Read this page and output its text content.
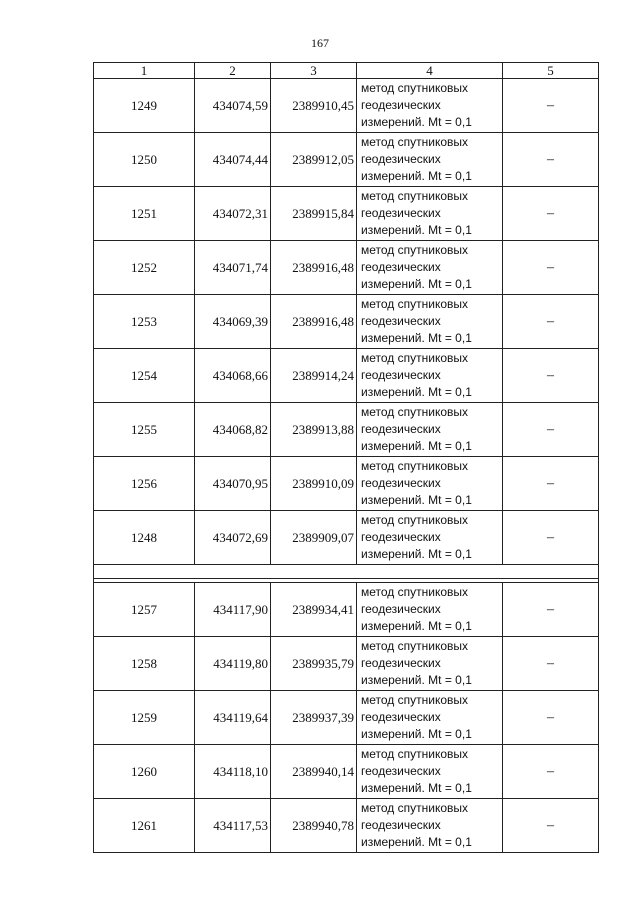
167
1	2	3	4	5
1249	434074,59	2389910,45	метод спутниковых
геодезических
измерений. Mt = 0,1	–
1250	434074,44	2389912,05	метод спутниковых
геодезических
измерений. Mt = 0,1	–
1251	434072,31	2389915,84	метод спутниковых
геодезических
измерений. Mt = 0,1	–
1252	434071,74	2389916,48	метод спутниковых
геодезических
измерений. Mt = 0,1	–
1253	434069,39	2389916,48	метод спутниковых
геодезических
измерений. Mt = 0,1	–
1254	434068,66	2389914,24	метод спутниковых
геодезических
измерений. Mt = 0,1	–
1255	434068,82	2389913,88	метод спутниковых
геодезических
измерений. Mt = 0,1	–
1256	434070,95	2389910,09	метод спутниковых
геодезических
измерений. Mt = 0,1	–
1248	434072,69	2389909,07	метод спутниковых
геодезических
измерений. Mt = 0,1	–

1257	434117,90	2389934,41	метод спутниковых
геодезических
измерений. Mt = 0,1	–
1258	434119,80	2389935,79	метод спутниковых
геодезических
измерений. Mt = 0,1	–
1259	434119,64	2389937,39	метод спутниковых
геодезических
измерений. Mt = 0,1	–
1260	434118,10	2389940,14	метод спутниковых
геодезических
измерений. Mt = 0,1	–
1261	434117,53	2389940,78	метод спутниковых
геодезических
измерений. Mt = 0,1	–
